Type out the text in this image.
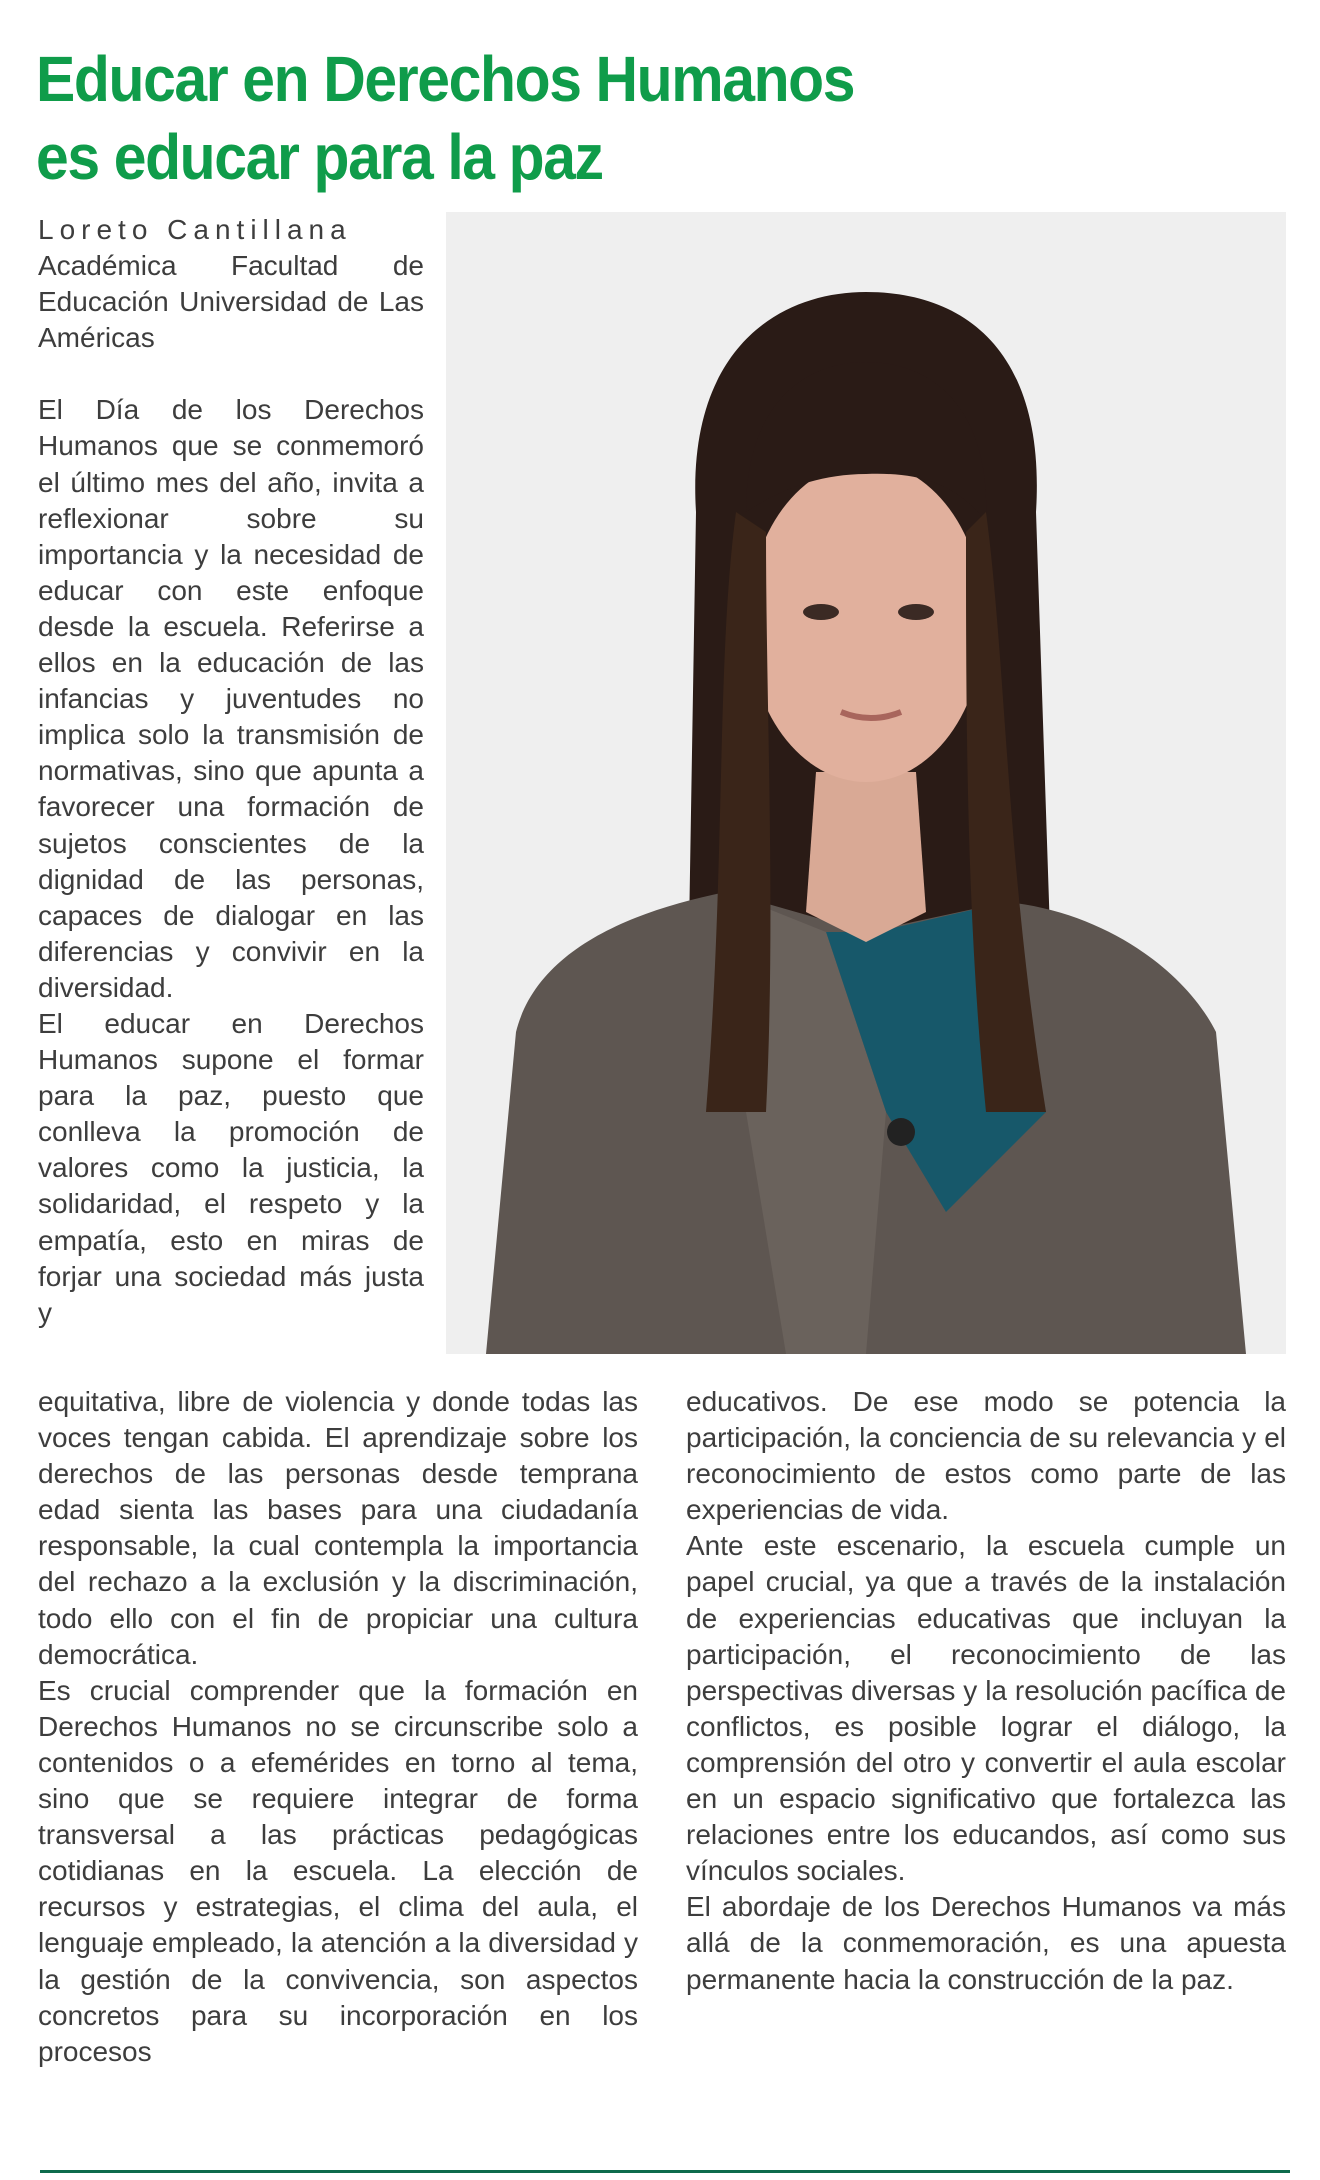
Educar en Derechos Humanos
es educar para la paz

Loreto Cantillana

Académica Facultad de Educación Universidad de Las Américas

El Día de los Derechos Humanos que se conmemoró el último mes del año, invita a reflexionar sobre su importancia y la necesidad de educar con este enfoque desde la escuela. Referirse a ellos en la educación de las infancias y juventudes no implica solo la transmisión de normativas, sino que apunta a favorecer una formación de sujetos conscientes de la dignidad de las personas, capaces de dialogar en las diferencias y convivir en la diversidad.

El educar en Derechos Humanos supone el formar para la paz, puesto que conlleva la promoción de valores como la justicia, la solidaridad, el respeto y la empatía, esto en miras de forjar una sociedad más justa y

equitativa, libre de violencia y donde todas las voces tengan cabida. El aprendizaje sobre los derechos de las personas desde temprana edad sienta las bases para una ciudadanía responsable, la cual contempla la importancia del rechazo a la exclusión y la discriminación, todo ello con el fin de propiciar una cultura democrática.

Es crucial comprender que la formación en Derechos Humanos no se circunscribe solo a contenidos o a efemérides en torno al tema, sino que se requiere integrar de forma transversal a las prácticas pedagógicas cotidianas en la escuela. La elección de recursos y estrategias, el clima del aula, el lenguaje empleado, la atención a la diversidad y la gestión de la convivencia, son aspectos concretos para su incorporación en los procesos

educativos. De ese modo se potencia la participación, la conciencia de su relevancia y el reconocimiento de estos como parte de las experiencias de vida.

Ante este escenario, la escuela cumple un papel crucial, ya que a través de la instalación de experiencias educativas que incluyan la participación, el reconocimiento de las perspectivas diversas y la resolución pacífica de conflictos, es posible lograr el diálogo, la comprensión del otro y convertir el aula escolar en un espacio significativo que fortalezca las relaciones entre los educandos, así como sus vínculos sociales.

El abordaje de los Derechos Humanos va más allá de la conmemoración, es una apuesta permanente hacia la construcción de la paz.
